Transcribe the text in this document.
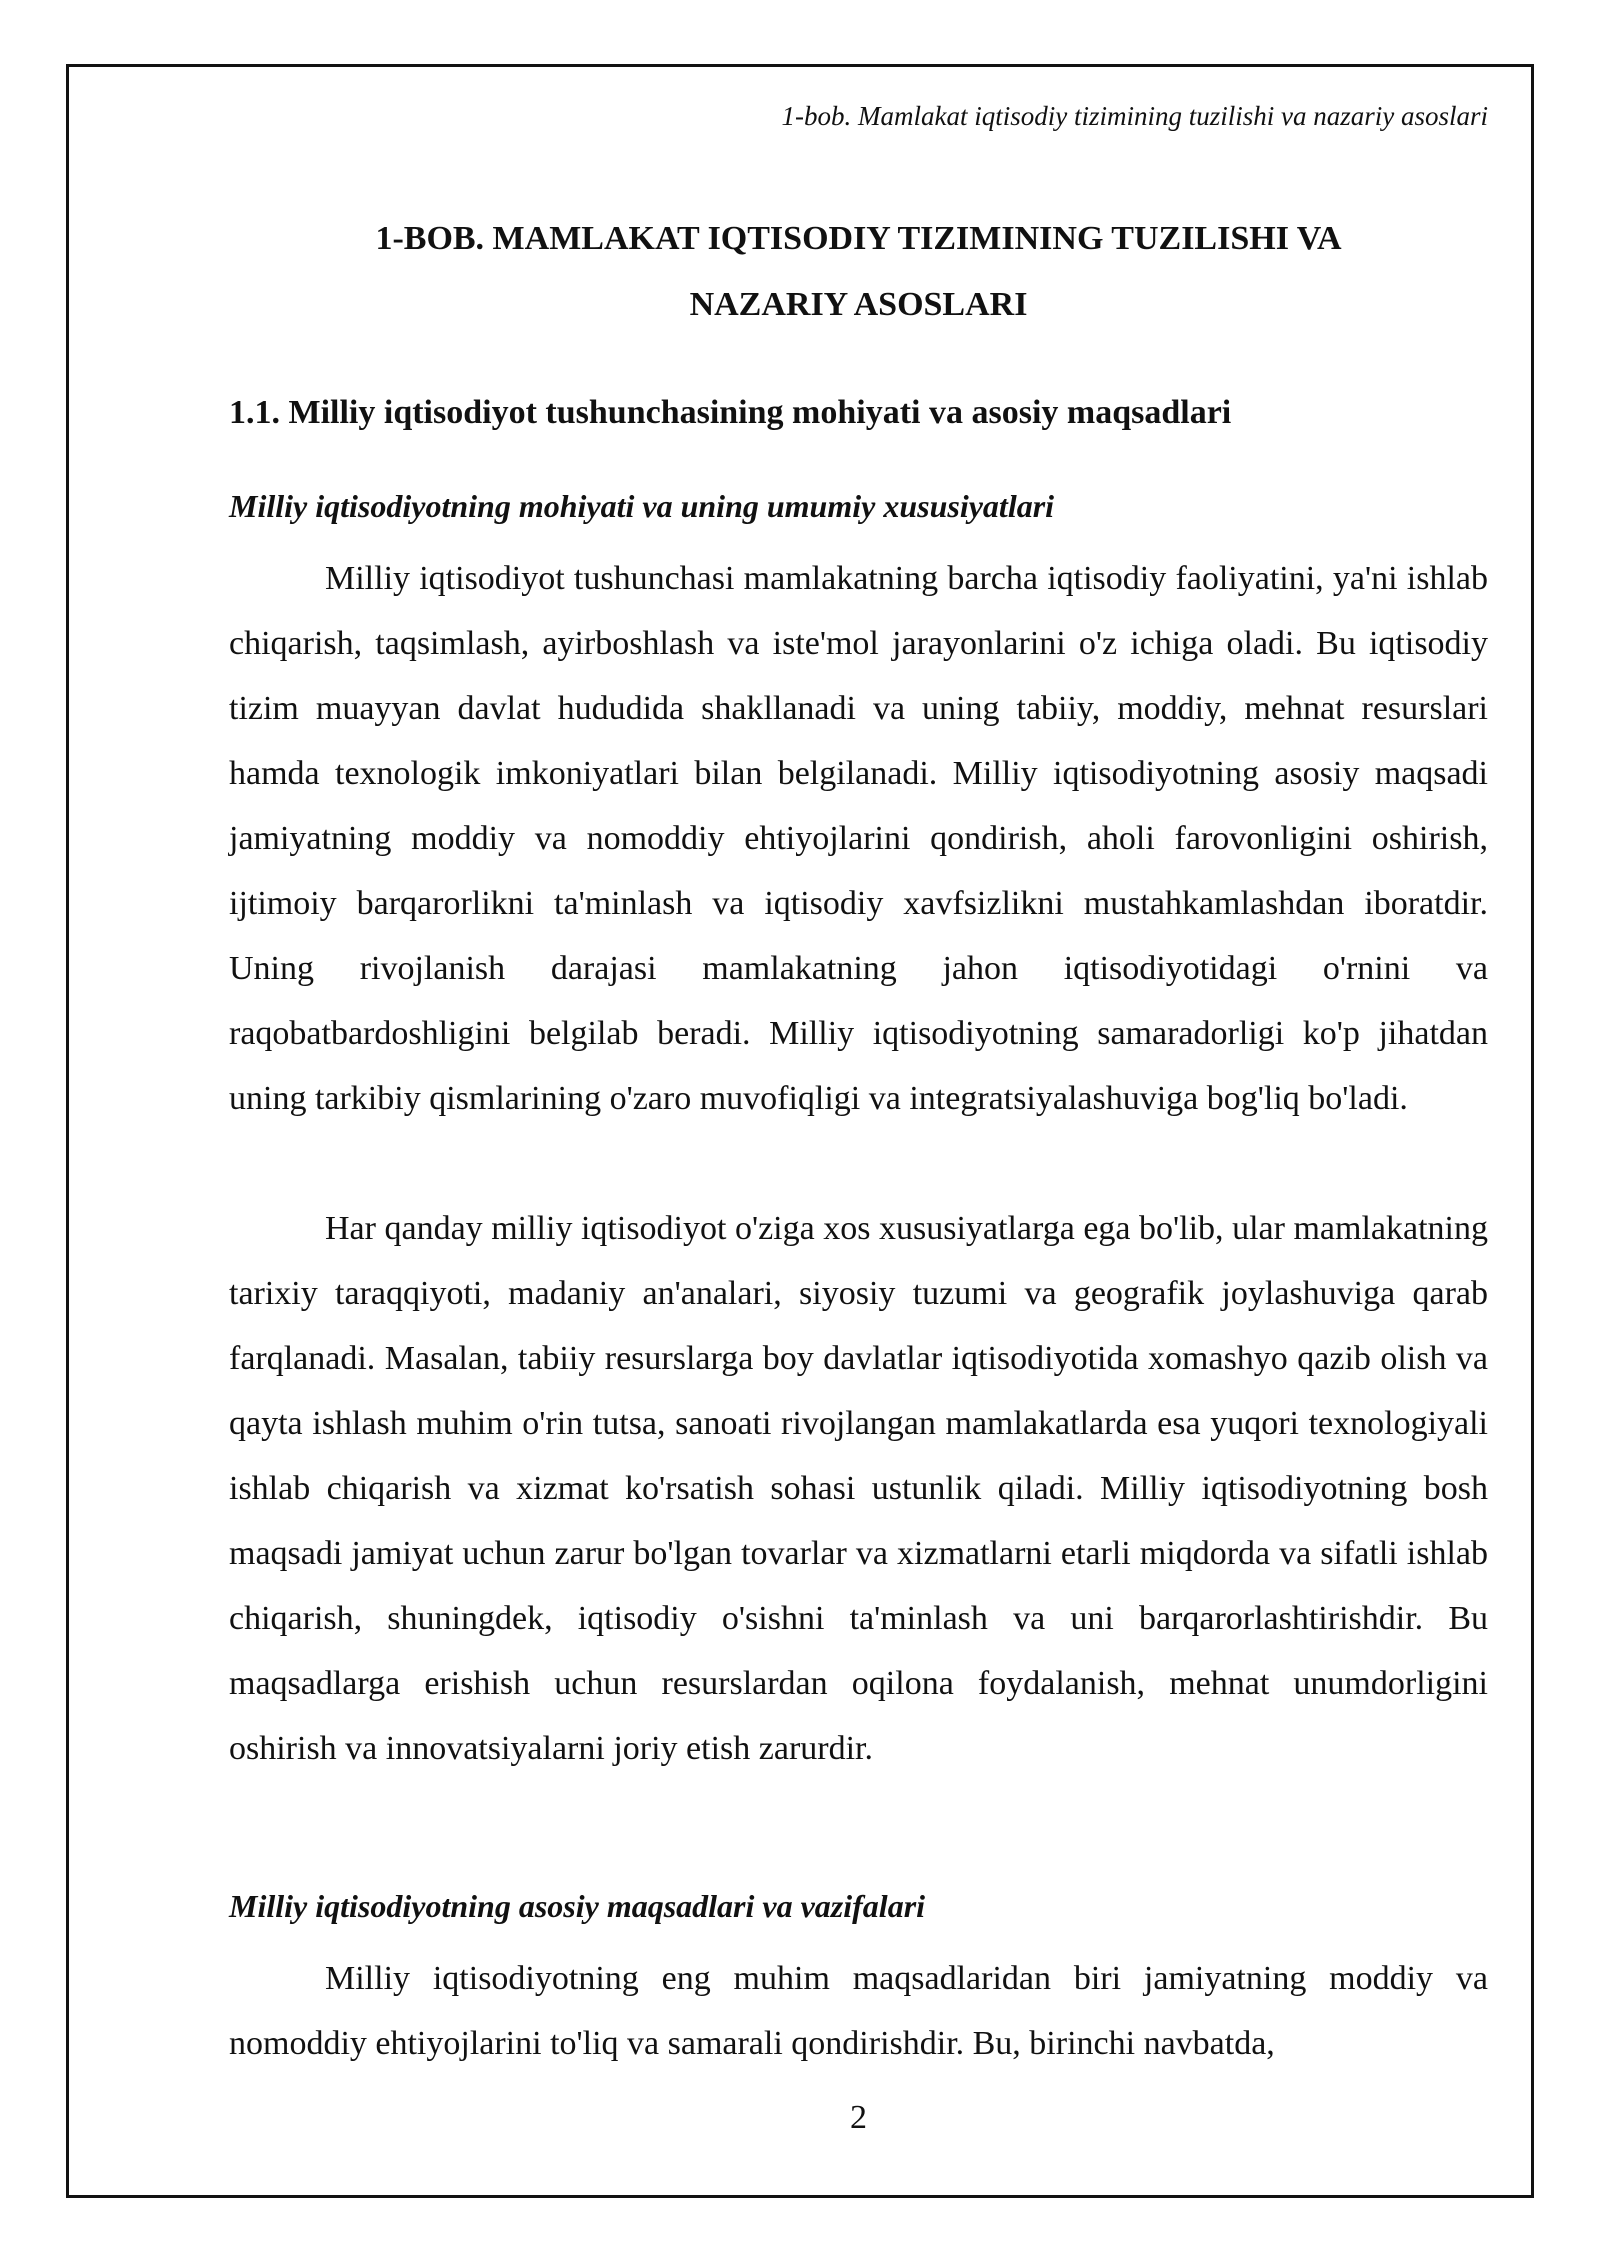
1-bob. Mamlakat iqtisodiy tizimining tuzilishi va nazariy asoslari
1-BOB. MAMLAKAT IQTISODIY TIZIMINING TUZILISHI VA
NAZARIY ASOSLARI
1.1. Milliy iqtisodiyot tushunchasining mohiyati va asosiy maqsadlari
Milliy iqtisodiyotning mohiyati va uning umumiy xususiyatlari

Milliy iqtisodiyot tushunchasi mamlakatning barcha iqtisodiy faoliyatini, ya'ni ishlab chiqarish, taqsimlash, ayirboshlash va iste'mol jarayonlarini o'z ichiga oladi. Bu iqtisodiy tizim muayyan davlat hududida shakllanadi va uning tabiiy, moddiy, mehnat resurslari hamda texnologik imkoniyatlari bilan belgilanadi. Milliy iqtisodiyotning asosiy maqsadi jamiyatning moddiy va nomoddiy ehtiyojlarini qondirish, aholi farovonligini oshirish, ijtimoiy barqarorlikni ta'minlash va iqtisodiy xavfsizlikni mustahkamlashdan iboratdir. Uning rivojlanish darajasi mamlakatning jahon iqtisodiyotidagi o'rnini va raqobatbardoshligini belgilab beradi. Milliy iqtisodiyotning samaradorligi ko'p jihatdan uning tarkibiy qismlarining o'zaro muvofiqligi va integratsiyalashuviga bog'liq bo'ladi.

Har qanday milliy iqtisodiyot o'ziga xos xususiyatlarga ega bo'lib, ular mamlakatning tarixiy taraqqiyoti, madaniy an'analari, siyosiy tuzumi va geografik joylashuviga qarab farqlanadi. Masalan, tabiiy resurslarga boy davlatlar iqtisodiyotida xomashyo qazib olish va qayta ishlash muhim o'rin tutsa, sanoati rivojlangan mamlakatlarda esa yuqori texnologiyali ishlab chiqarish va xizmat ko'rsatish sohasi ustunlik qiladi. Milliy iqtisodiyotning bosh maqsadi jamiyat uchun zarur bo'lgan tovarlar va xizmatlarni etarli miqdorda va sifatli ishlab chiqarish, shuningdek, iqtisodiy o'sishni ta'minlash va uni barqarorlashtirishdir. Bu maqsadlarga erishish uchun resurslardan oqilona foydalanish, mehnat unumdorligini oshirish va innovatsiyalarni joriy etish zarurdir.

Milliy iqtisodiyotning asosiy maqsadlari va vazifalari

Milliy iqtisodiyotning eng muhim maqsadlaridan biri jamiyatning moddiy va nomoddiy ehtiyojlarini to'liq va samarali qondirishdir. Bu, birinchi navbatda,

2
